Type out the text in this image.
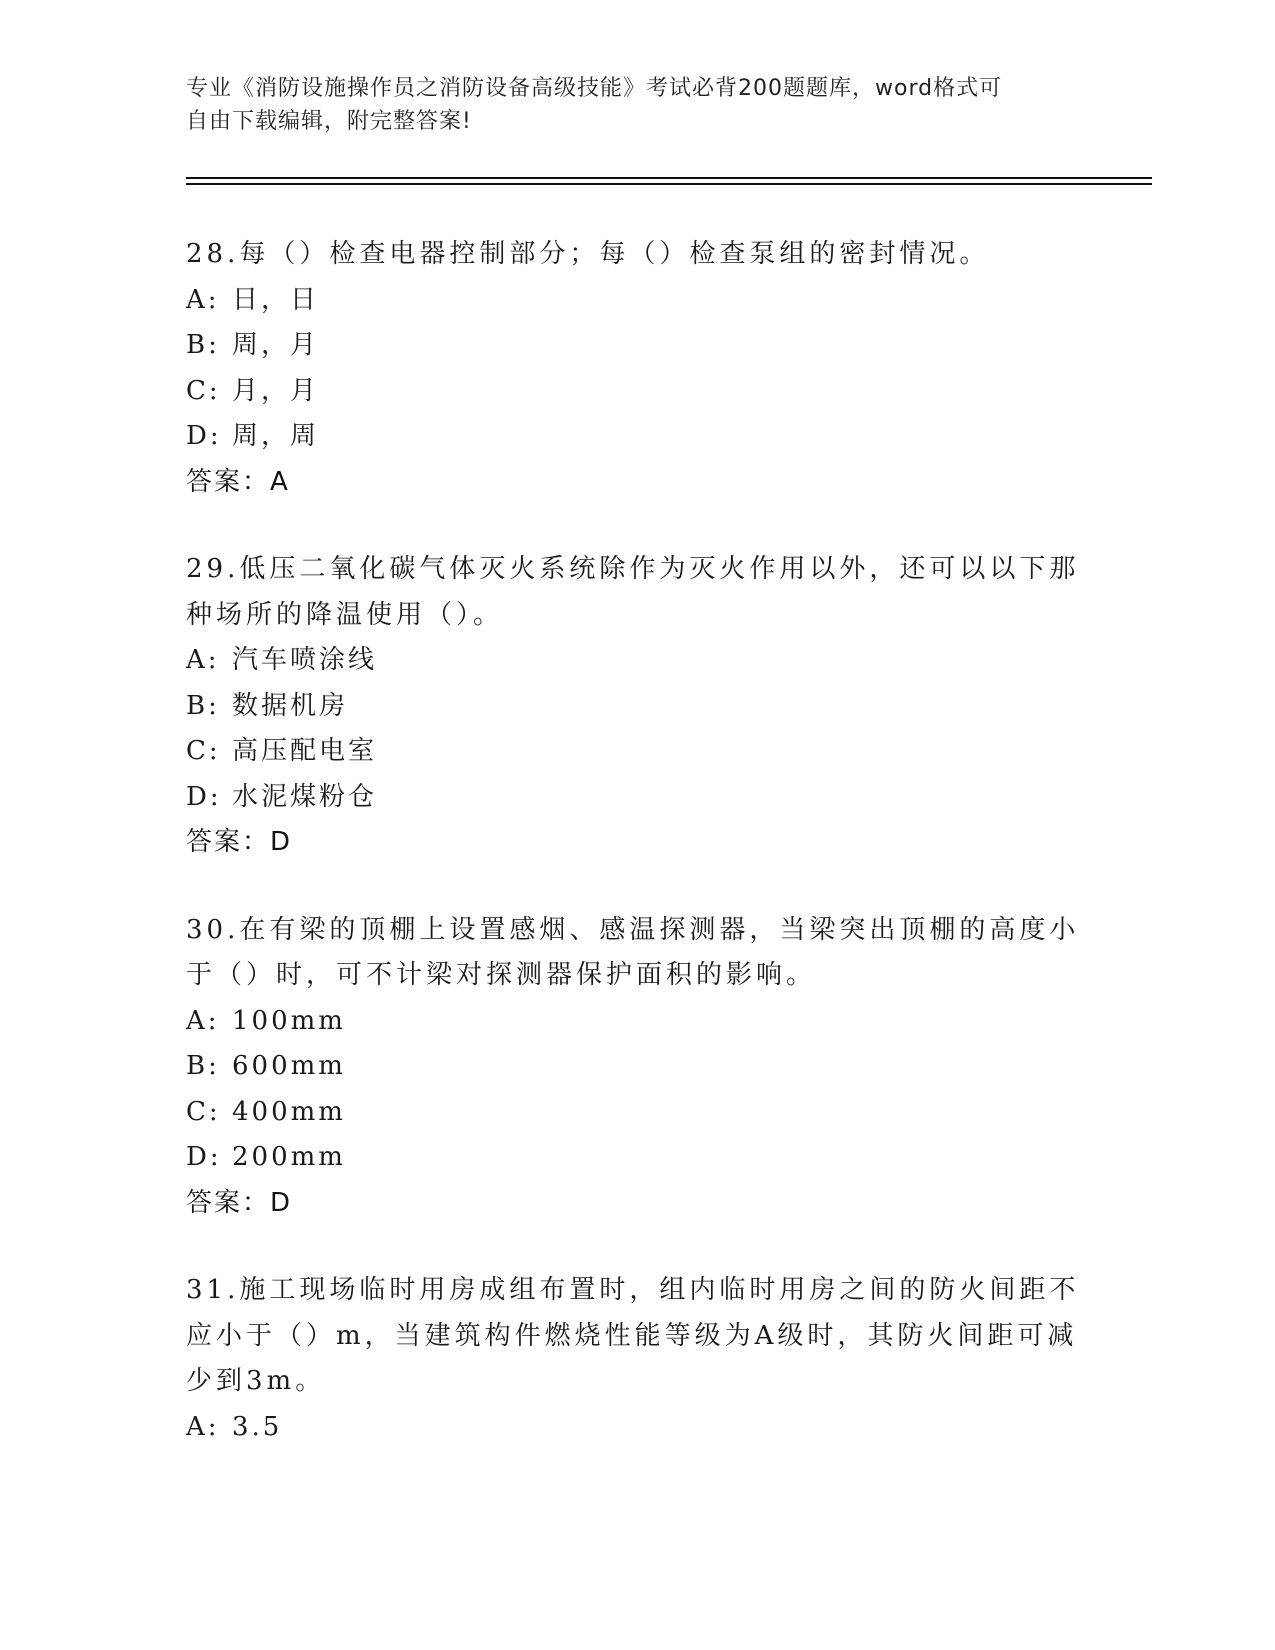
专业《消防设施操作员之消防设备高级技能》考试必背200题题库，word格式可
自由下载编辑，附完整答案!
28.每（）检查电器控制部分；每（）检查泵组的密封情况。
A: 日，日
B: 周，月
C: 月，月
D: 周，周
答案：A
29.低压二氧化碳气体灭火系统除作为灭火作用以外，还可以以下那种场所的降温使用（）。
A: 汽车喷涂线
B: 数据机房
C: 高压配电室
D: 水泥煤粉仓
答案：D
30.在有梁的顶棚上设置感烟、感温探测器，当梁突出顶棚的高度小于（）时，可不计梁对探测器保护面积的影响。
A: 100mm
B: 600mm
C: 400mm
D: 200mm
答案：D
31.施工现场临时用房成组布置时，组内临时用房之间的防火间距不应小于（）m，当建筑构件燃烧性能等级为A级时，其防火间距可减少到3m。
A: 3.5
